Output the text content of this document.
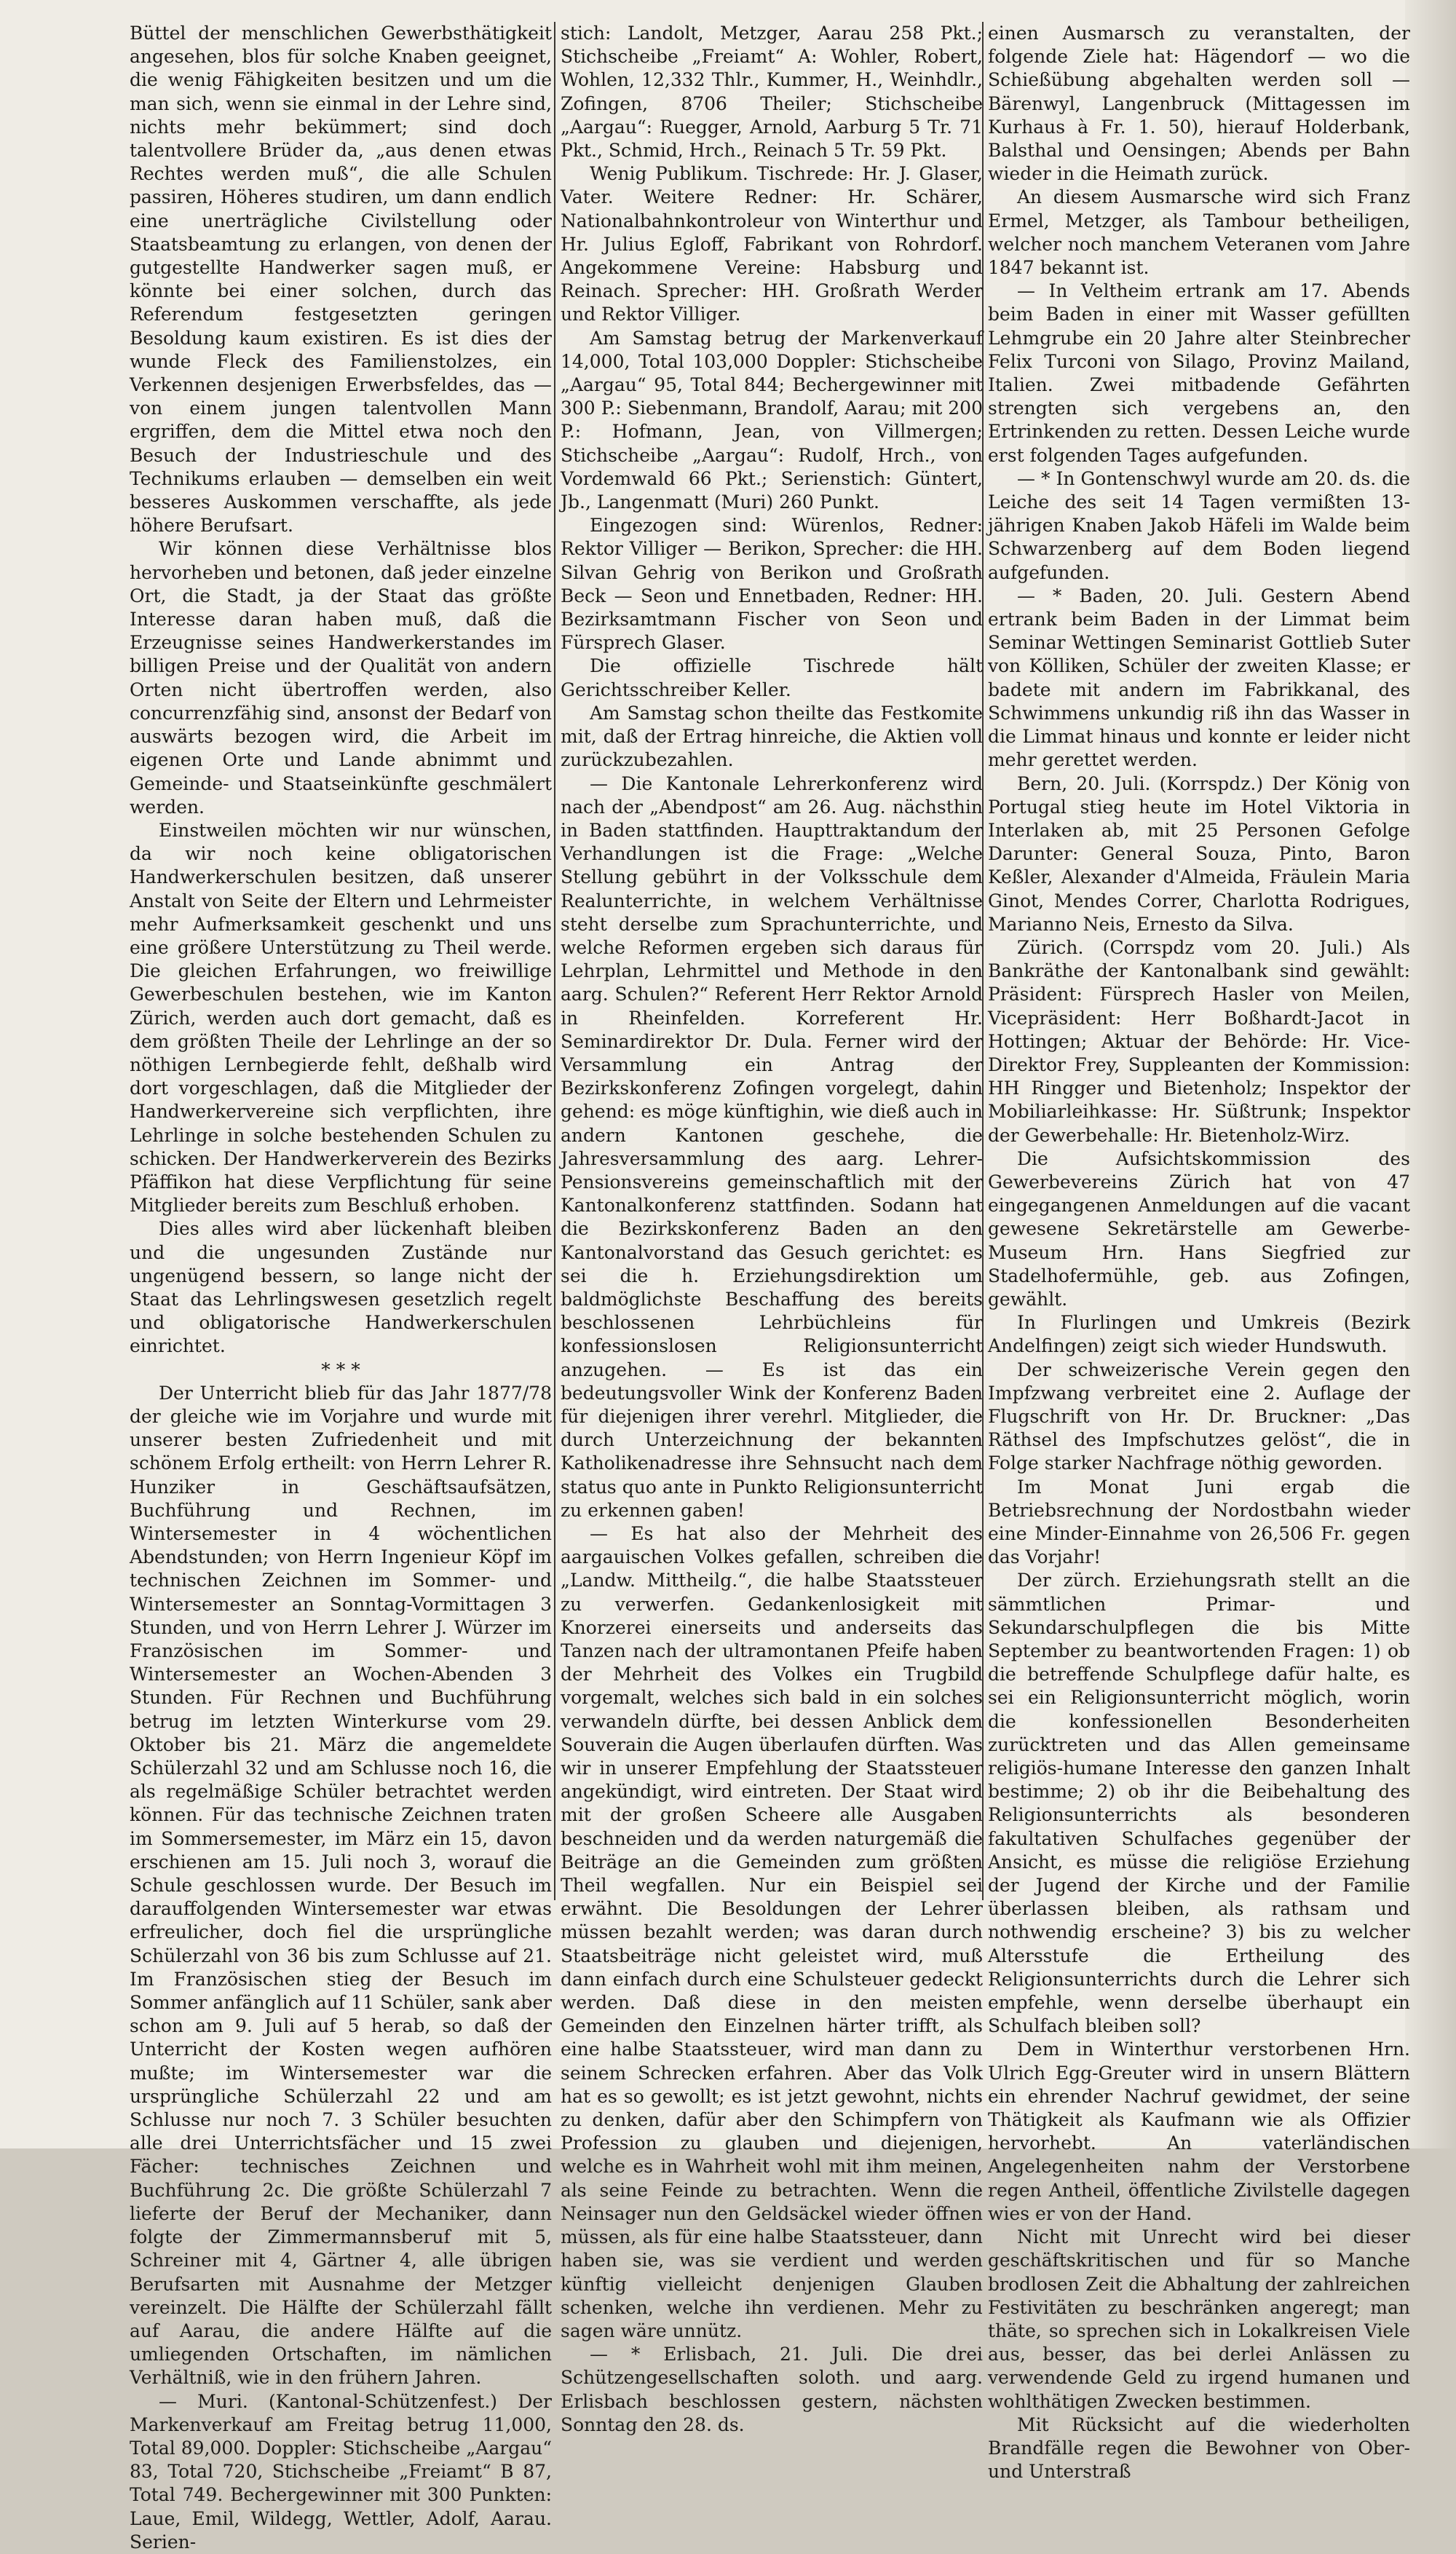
Büttel der menschlichen Gewerbsthätigkeit angesehen, blos für solche Knaben geeignet, die wenig Fähigkeiten besitzen und um die man sich, wenn sie einmal in der Lehre sind, nichts mehr bekümmert; sind doch talentvollere Brüder da, „aus denen etwas Rechtes werden muß“, die alle Schulen passiren, Höheres studiren, um dann endlich eine unerträgliche Civilstellung oder Staatsbeamtung zu erlangen, von denen der gutgestellte Handwerker sagen muß, er könnte bei einer solchen, durch das Referendum festgesetzten geringen Besoldung kaum existiren. Es ist dies der wunde Fleck des Familienstolzes, ein Verkennen desjenigen Erwerbsfeldes, das — von einem jungen talentvollen Mann ergriffen, dem die Mittel etwa noch den Besuch der Industrieschule und des Technikums erlauben — demselben ein weit besseres Auskommen verschaffte, als jede höhere Berufsart.

Wir können diese Verhältnisse blos hervorheben und betonen, daß jeder einzelne Ort, die Stadt, ja der Staat das größte Interesse daran haben muß, daß die Erzeugnisse seines Handwerkerstandes im billigen Preise und der Qualität von andern Orten nicht übertroffen werden, also concurrenzfähig sind, ansonst der Bedarf von auswärts bezogen wird, die Arbeit im eigenen Orte und Lande abnimmt und Gemeinde- und Staatseinkünfte geschmälert werden.

Einstweilen möchten wir nur wünschen, da wir noch keine obligatorischen Handwerkerschulen besitzen, daß unserer Anstalt von Seite der Eltern und Lehrmeister mehr Aufmerksamkeit geschenkt und uns eine größere Unterstützung zu Theil werde. Die gleichen Erfahrungen, wo freiwillige Gewerbeschulen bestehen, wie im Kanton Zürich, werden auch dort gemacht, daß es dem größten Theile der Lehrlinge an der so nöthigen Lernbegierde fehlt, deßhalb wird dort vorgeschlagen, daß die Mitglieder der Handwerkervereine sich verpflichten, ihre Lehrlinge in solche bestehenden Schulen zu schicken. Der Handwerkerverein des Bezirks Pfäffikon hat diese Verpflichtung für seine Mitglieder bereits zum Beschluß erhoben.

Dies alles wird aber lückenhaft bleiben und die ungesunden Zustände nur ungenügend bessern, so lange nicht der Staat das Lehrlingswesen gesetzlich regelt und obligatorische Handwerkerschulen einrichtet.

* * *

Der Unterricht blieb für das Jahr 1877/78 der gleiche wie im Vorjahre und wurde mit unserer besten Zufriedenheit und mit schönem Erfolg ertheilt: von Herrn Lehrer R. Hunziker in Geschäftsaufsätzen, Buchführung und Rechnen, im Wintersemester in 4 wöchentlichen Abendstunden; von Herrn Ingenieur Köpf im technischen Zeichnen im Sommer- und Wintersemester an Sonntag-Vormittagen 3 Stunden, und von Herrn Lehrer J. Würzer im Französischen im Sommer- und Wintersemester an Wochen-Abenden 3 Stunden. Für Rechnen und Buchführung betrug im letzten Winterkurse vom 29. Oktober bis 21. März die angemeldete Schülerzahl 32 und am Schlusse noch 16, die als regelmäßige Schüler betrachtet werden können. Für das technische Zeichnen traten im Sommersemester, im März ein 15, davon erschienen am 15. Juli noch 3, worauf die Schule geschlossen wurde. Der Besuch im darauffolgenden Wintersemester war etwas erfreulicher, doch fiel die ursprüngliche Schülerzahl von 36 bis zum Schlusse auf 21. Im Französischen stieg der Besuch im Sommer anfänglich auf 11 Schüler, sank aber schon am 9. Juli auf 5 herab, so daß der Unterricht der Kosten wegen aufhören mußte; im Wintersemester war die ursprüngliche Schülerzahl 22 und am Schlusse nur noch 7. 3 Schüler besuchten alle drei Unterrichtsfächer und 15 zwei Fächer: technisches Zeichnen und Buchführung 2c. Die größte Schülerzahl 7 lieferte der Beruf der Mechaniker, dann folgte der Zimmermannsberuf mit 5, Schreiner mit 4, Gärtner 4, alle übrigen Berufsarten mit Ausnahme der Metzger vereinzelt. Die Hälfte der Schülerzahl fällt auf Aarau, die andere Hälfte auf die umliegenden Ortschaften, im nämlichen Verhältniß, wie in den frühern Jahren.

— Muri. (Kantonal-Schützenfest.) Der Markenverkauf am Freitag betrug 11,000, Total 89,000. Doppler: Stichscheibe „Aargau“ 83, Total 720, Stichscheibe „Freiamt“ B 87, Total 749. Bechergewinner mit 300 Punkten: Laue, Emil, Wildegg, Wettler, Adolf, Aarau. Serien-

stich: Landolt, Metzger, Aarau 258 Pkt.; Stichscheibe „Freiamt“ A: Wohler, Robert, Wohlen, 12,332 Thlr., Kummer, H., Weinhdlr., Zofingen, 8706 Theiler; Stichscheibe „Aargau“: Ruegger, Arnold, Aarburg 5 Tr. 71 Pkt., Schmid, Hrch., Reinach 5 Tr. 59 Pkt.

Wenig Publikum. Tischrede: Hr. J. Glaser, Vater. Weitere Redner: Hr. Schärer, Nationalbahnkontroleur von Winterthur und Hr. Julius Egloff, Fabrikant von Rohrdorf. Angekommene Vereine: Habsburg und Reinach. Sprecher: HH. Großrath Werder und Rektor Villiger.

Am Samstag betrug der Markenverkauf 14,000, Total 103,000 Doppler: Stichscheibe „Aargau“ 95, Total 844; Bechergewinner mit 300 P.: Siebenmann, Brandolf, Aarau; mit 200 P.: Hofmann, Jean, von Villmergen; Stichscheibe „Aargau“: Rudolf, Hrch., von Vordemwald 66 Pkt.; Serienstich: Güntert, Jb., Langenmatt (Muri) 260 Punkt.

Eingezogen sind: Würenlos, Redner: Rektor Villiger — Berikon, Sprecher: die HH. Silvan Gehrig von Berikon und Großrath Beck — Seon und Ennetbaden, Redner: HH. Bezirksamtmann Fischer von Seon und Fürsprech Glaser.

Die offizielle Tischrede hält Gerichtsschreiber Keller.

Am Samstag schon theilte das Festkomite mit, daß der Ertrag hinreiche, die Aktien voll zurückzubezahlen.

— Die Kantonale Lehrerkonferenz wird nach der „Abendpost“ am 26. Aug. nächsthin in Baden stattfinden. Haupttraktandum der Verhandlungen ist die Frage: „Welche Stellung gebührt in der Volksschule dem Realunterrichte, in welchem Verhältnisse steht derselbe zum Sprachunterrichte, und welche Reformen ergeben sich daraus für Lehrplan, Lehrmittel und Methode in den aarg. Schulen?“ Referent Herr Rektor Arnold in Rheinfelden. Korreferent Hr. Seminardirektor Dr. Dula. Ferner wird der Versammlung ein Antrag der Bezirkskonferenz Zofingen vorgelegt, dahin gehend: es möge künftighin, wie dieß auch in andern Kantonen geschehe, die Jahresversammlung des aarg. Lehrer-Pensionsvereins gemeinschaftlich mit der Kantonalkonferenz stattfinden. Sodann hat die Bezirkskonferenz Baden an den Kantonalvorstand das Gesuch gerichtet: es sei die h. Erziehungsdirektion um baldmöglichste Beschaffung des bereits beschlossenen Lehrbüchleins für konfessionslosen Religionsunterricht anzugehen. — Es ist das ein bedeutungsvoller Wink der Konferenz Baden für diejenigen ihrer verehrl. Mitglieder, die durch Unterzeichnung der bekannten Katholikenadresse ihre Sehnsucht nach dem status quo ante in Punkto Religionsunterricht zu erkennen gaben!

— Es hat also der Mehrheit des aargauischen Volkes gefallen, schreiben die „Landw. Mittheilg.“, die halbe Staatssteuer zu verwerfen. Gedankenlosigkeit mit Knorzerei einerseits und anderseits das Tanzen nach der ultramontanen Pfeife haben der Mehrheit des Volkes ein Trugbild vorgemalt, welches sich bald in ein solches verwandeln dürfte, bei dessen Anblick dem Souverain die Augen überlaufen dürften. Was wir in unserer Empfehlung der Staatssteuer angekündigt, wird eintreten. Der Staat wird mit der großen Scheere alle Ausgaben beschneiden und da werden naturgemäß die Beiträge an die Gemeinden zum größten Theil wegfallen. Nur ein Beispiel sei erwähnt. Die Besoldungen der Lehrer müssen bezahlt werden; was daran durch Staatsbeiträge nicht geleistet wird, muß dann einfach durch eine Schulsteuer gedeckt werden. Daß diese in den meisten Gemeinden den Einzelnen härter trifft, als eine halbe Staatssteuer, wird man dann zu seinem Schrecken erfahren. Aber das Volk hat es so gewollt; es ist jetzt gewohnt, nichts zu denken, dafür aber den Schimpfern von Profession zu glauben und diejenigen, welche es in Wahrheit wohl mit ihm meinen, als seine Feinde zu betrachten. Wenn die Neinsager nun den Geldsäckel wieder öffnen müssen, als für eine halbe Staatssteuer, dann haben sie, was sie verdient und werden künftig vielleicht denjenigen Glauben schenken, welche ihn verdienen. Mehr zu sagen wäre unnütz.

— * Erlisbach, 21. Juli. Die drei Schützengesellschaften soloth. und aarg. Erlisbach beschlossen gestern, nächsten Sonntag den 28. ds.

einen Ausmarsch zu veranstalten, der folgende Ziele hat: Hägendorf — wo die Schießübung abgehalten werden soll — Bärenwyl, Langenbruck (Mittagessen im Kurhaus à Fr. 1. 50), hierauf Holderbank, Balsthal und Oensingen; Abends per Bahn wieder in die Heimath zurück.

An diesem Ausmarsche wird sich Franz Ermel, Metzger, als Tambour betheiligen, welcher noch manchem Veteranen vom Jahre 1847 bekannt ist.

— In Veltheim ertrank am 17. Abends beim Baden in einer mit Wasser gefüllten Lehmgrube ein 20 Jahre alter Steinbrecher Felix Turconi von Silago, Provinz Mailand, Italien. Zwei mitbadende Gefährten strengten sich vergebens an, den Ertrinkenden zu retten. Dessen Leiche wurde erst folgenden Tages aufgefunden.

— * In Gontenschwyl wurde am 20. ds. die Leiche des seit 14 Tagen vermißten 13-jährigen Knaben Jakob Häfeli im Walde beim Schwarzenberg auf dem Boden liegend aufgefunden.

— * Baden, 20. Juli. Gestern Abend ertrank beim Baden in der Limmat beim Seminar Wettingen Seminarist Gottlieb Suter von Kölliken, Schüler der zweiten Klasse; er badete mit andern im Fabrikkanal, des Schwimmens unkundig riß ihn das Wasser in die Limmat hinaus und konnte er leider nicht mehr gerettet werden.

Bern, 20. Juli. (Korrspdz.) Der König von Portugal stieg heute im Hotel Viktoria in Interlaken ab, mit 25 Personen Gefolge Darunter: General Souza, Pinto, Baron Keßler, Alexander d'Almeida, Fräulein Maria Ginot, Mendes Correr, Charlotta Rodrigues, Marianno Neis, Ernesto da Silva.

Zürich. (Corrspdz vom 20. Juli.) Als Bankräthe der Kantonalbank sind gewählt: Präsident: Fürsprech Hasler von Meilen, Vicepräsident: Herr Boßhardt-Jacot in Hottingen; Aktuar der Behörde: Hr. Vice-Direktor Frey, Suppleanten der Kommission: HH Ringger und Bietenholz; Inspektor der Mobiliarleihkasse: Hr. Süßtrunk; Inspektor der Gewerbehalle: Hr. Bietenholz-Wirz.

Die Aufsichtskommission des Gewerbevereins Zürich hat von 47 eingegangenen Anmeldungen auf die vacant gewesene Sekretärstelle am Gewerbe-Museum Hrn. Hans Siegfried zur Stadelhofermühle, geb. aus Zofingen, gewählt.

In Flurlingen und Umkreis (Bezirk Andelfingen) zeigt sich wieder Hundswuth.

Der schweizerische Verein gegen den Impfzwang verbreitet eine 2. Auflage der Flugschrift von Hr. Dr. Bruckner: „Das Räthsel des Impfschutzes gelöst“, die in Folge starker Nachfrage nöthig geworden.

Im Monat Juni ergab die Betriebsrechnung der Nordostbahn wieder eine Minder-Einnahme von 26,506 Fr. gegen das Vorjahr!

Der zürch. Erziehungsrath stellt an die sämmtlichen Primar- und Sekundarschulpflegen die bis Mitte September zu beantwortenden Fragen: 1) ob die betreffende Schulpflege dafür halte, es sei ein Religionsunterricht möglich, worin die konfessionellen Besonderheiten zurücktreten und das Allen gemeinsame religiös-humane Interesse den ganzen Inhalt bestimme; 2) ob ihr die Beibehaltung des Religionsunterrichts als besonderen fakultativen Schulfaches gegenüber der Ansicht, es müsse die religiöse Erziehung der Jugend der Kirche und der Familie überlassen bleiben, als rathsam und nothwendig erscheine? 3) bis zu welcher Altersstufe die Ertheilung des Religionsunterrichts durch die Lehrer sich empfehle, wenn derselbe überhaupt ein Schulfach bleiben soll?

Dem in Winterthur verstorbenen Hrn. Ulrich Egg-Greuter wird in unsern Blättern ein ehrender Nachruf gewidmet, der seine Thätigkeit als Kaufmann wie als Offizier hervorhebt. An vaterländischen Angelegenheiten nahm der Verstorbene regen Antheil, öffentliche Zivilstelle dagegen wies er von der Hand.

Nicht mit Unrecht wird bei dieser geschäftskritischen und für so Manche brodlosen Zeit die Abhaltung der zahlreichen Festivitäten zu beschränken angeregt; man thäte, so sprechen sich in Lokalkreisen Viele aus, besser, das bei derlei Anlässen zu verwendende Geld zu irgend humanen und wohlthätigen Zwecken bestimmen.

Mit Rücksicht auf die wiederholten Brandfälle regen die Bewohner von Ober- und Unterstraß
